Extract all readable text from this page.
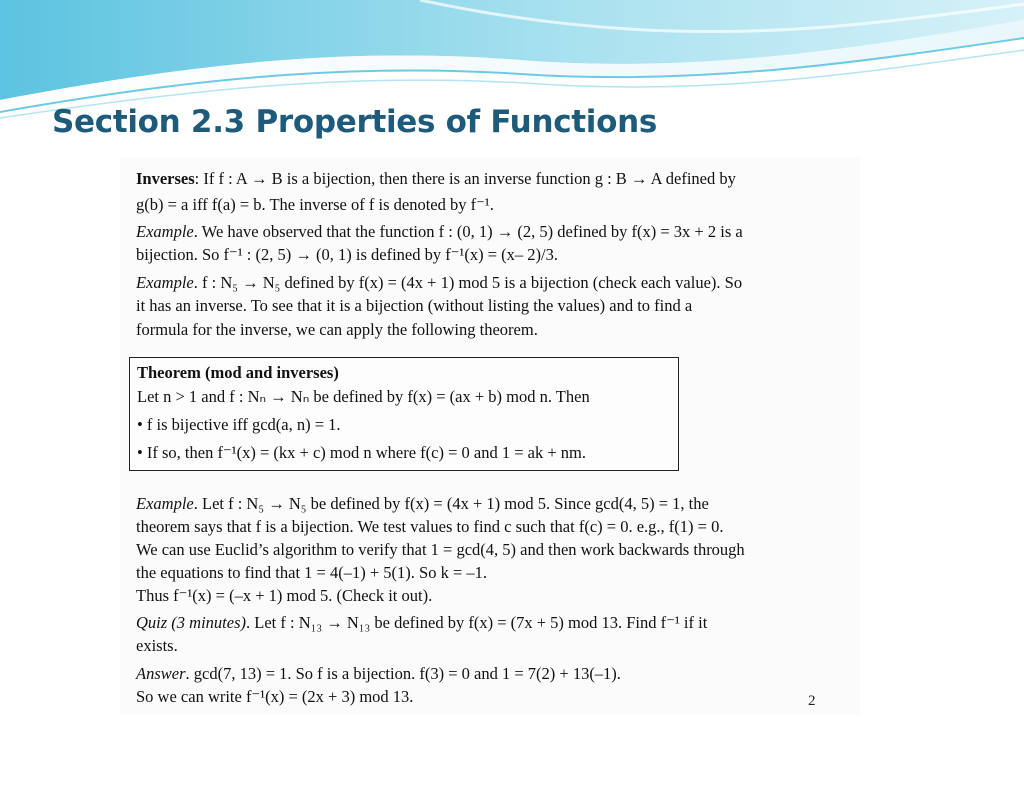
Section 2.3 Properties of Functions

Inverses: If f : A → B is a bijection, then there is an inverse function g : B → A defined by

g(b) = a iff f(a) = b. The inverse of f is denoted by f⁻¹.

Example. We have observed that the function f : (0, 1) → (2, 5) defined by f(x) = 3x + 2 is a

bijection. So f⁻¹ : (2, 5) → (0, 1) is defined by f⁻¹(x) = (x– 2)/3.

Example. f : N₅ → N₅ defined by f(x) = (4x + 1) mod 5 is a bijection (check each value). So

it has an inverse. To see that it is a bijection (without listing the values) and to find a

formula for the inverse, we can apply the following theorem.

Theorem (mod and inverses)

Let n > 1 and f : Nₙ → Nₙ be defined by f(x) = (ax + b) mod n. Then

• f is bijective iff gcd(a, n) = 1.

• If so, then f⁻¹(x) = (kx + c) mod n where f(c) = 0 and 1 = ak + nm.

Example. Let f : N₅ → N₅ be defined by f(x) = (4x + 1) mod 5. Since gcd(4, 5) = 1, the

theorem says that f is a bijection. We test values to find c such that f(c) = 0. e.g., f(1) = 0.

We can use Euclid’s algorithm to verify that 1 = gcd(4, 5) and then work backwards through

the equations to find that 1 = 4(–1) + 5(1). So k = –1.

Thus f⁻¹(x) = (–x + 1) mod 5. (Check it out).

Quiz (3 minutes). Let f : N₁₃ → N₁₃ be defined by f(x) = (7x + 5) mod 13. Find f⁻¹ if it

exists.

Answer. gcd(7, 13) = 1. So f is a bijection. f(3) = 0 and 1 = 7(2) + 13(–1).

So we can write f⁻¹(x) = (2x + 3) mod 13.	2
